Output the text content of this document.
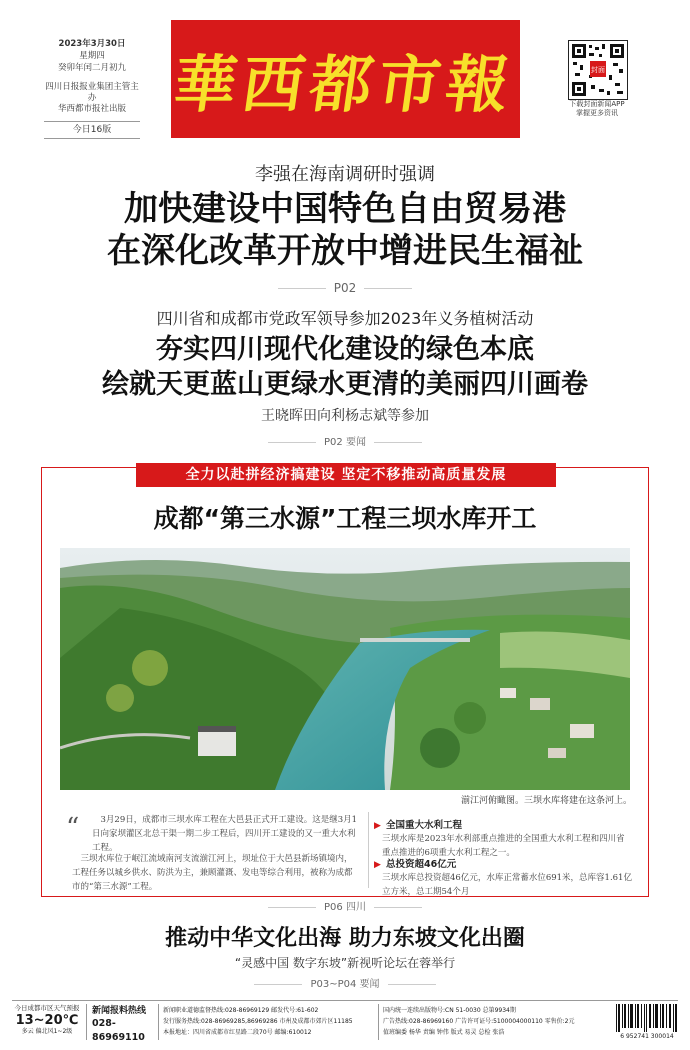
2023年3月30日
星期四
癸卯年闰二月初九
四川日报报业集团主管主办
华西都市报社出版
今日16版
華西都市報	封面
下载封面新闻APP
掌握更多资讯
李强在海南调研时强调
加快建设中国特色自由贸易港
在深化改革开放中增进民生福祉
P02
四川省和成都市党政军领导参加2023年义务植树活动
夯实四川现代化建设的绿色本底
绘就天更蓝山更绿水更清的美丽四川画卷
王晓晖田向利杨志斌等参加
P02 要闻
全力以赴拼经济搞建设 坚定不移推动高质量发展
成都“第三水源”工程三坝水库开工
湔江河俯瞰图。三坝水库将建在这条河上。
“	3月29日，成都市三坝水库工程在大邑县正式开工建设。这是继3月1日向家坝灌区北总干渠一期二步工程后，四川开工建设的又一重大水利工程。
三坝水库位于岷江流域南河支流湔江河上，坝址位于大邑县新场镇境内，工程任务以城乡供水、防洪为主，兼顾灌溉、发电等综合利用，被称为成都市的“第三水源”工程。
▶ 全国重大水利工程
三坝水库是2023年水利部重点推进的全国重大水利工程和四川省重点推进的6项重大水利工程之一。
▶ 总投资超46亿元
三坝水库总投资超46亿元，水库正常蓄水位691米，总库容1.61亿立方米，总工期54个月
P06 四川
推动中华文化出海 助力东坡文化出圈
“灵感中国 数字东坡”新视听论坛在蓉举行
P03~P04 要闻
今日成都市区天气预报
13~20℃
多云 偏北风1~2级
新闻报料热线
028-86969110
新闻职业道德监督热线:028-86969129 邮发代号:61-602
发行服务热线:028-86969285,86969286 市州及成都市郊片区11185
本报地址：四川省成都市红星路二段70号 邮编:610012
国内统一连续出版物号:CN 51-0030 总第9934期
广告热线:028-86969160 广告许可证号:5100004000110 零售价:2元
值班编委 杨华 责编 钟伟 版式 易灵 总检 张浩
6 952741 300014
